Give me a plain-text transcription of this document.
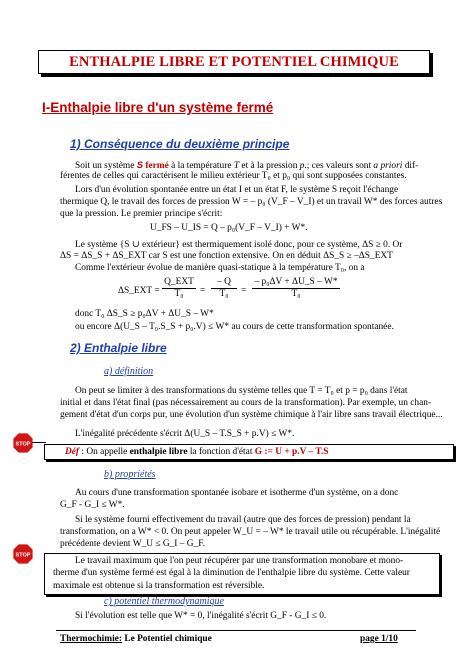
ENTHALPIE LIBRE ET POTENTIEL CHIMIQUE
I-Enthalpie libre d'un système fermé
1) Conséquence du deuxième principe
Soit un système S fermé à la température T et à la pression p.; ces valeurs sont a priori dif-
férentes de celles qui caractérisent le milieu extérieur T₀ et p₀ qui sont supposées constantes.
Lors d'un évolution spontanée entre un état I et un état F, le système S reçoit l'échange
thermique Q, le travail des forces de pression W = – p₀ (V_F – V_I) et un travail W* des forces autres
que la pression. Le premier principe s'écrit:
U_FS – U_IS = Q – p₀(V_F – V_I) + W*.
Le système {S ∪ extérieur} est thermiquement isolé donc, pour ce système, ΔS ≥ 0. Or
ΔS = ΔS_S + ΔS_EXT car S est une fonction extensive. On en déduit ΔS_S ≥ –ΔS_EXT
Comme l'extérieur évolue de manière quasi-statique à la température T₀, on a
ΔS_EXT =
Q_EXT
T₀	= $\frac{- Q}{\text{T₀}} = \frac{\text{– p₀ΔV + ΔU\_S – W*}}{\text{T₀}}$
donc T₀ ΔS_S ≥ p₀ΔV + ΔU_S – W*
ou encore Δ(U_S – T₀.S_S + p₀.V) ≤ W* au cours de cette transformation spontanée.
2) Enthalpie libre
a) définition
On peut se limiter à des transformations du système telles que T = T₀ et p = p₀ dans l'état
initial et dans l'état final (pas nécessairement au cours de la transformation). Par exemple, un chan-
gement d'état d'un corps pur, une évolution d'un système chimique à l'air libre sans travail électrique...
STOP
L'inégalité précédente s'écrit Δ(U_S – T.S_S + p.V) ≤ W*.
Déf : On appelle enthalpie libre la fonction d'état G := U + p.V – T.S
b) propriétés
Au cours d'une transformation spontanée isobare et isotherme d'un système, on a donc
G_F - G_I ≤ W*.
Si le système fourni effectivement du travail (autre que des forces de pression) pendant la
transformation, on a W* < 0. On peut appeler W_U = – W* le travail utile ou récupérable. L'inégalité
précédente devient W_U ≤ G_I – G_F.
STOP
Le travail maximum que l'on peut récupérer par une transformation monobare et mono-
therme d'un système fermé est égal à la diminution de l'enthalpie libre du système. Cette valeur
maximale est obtenue si la transformation est réversible.
c) potentiel thermodynamique
Si l'évolution est telle que W* = 0, l'inégalité s'écrit G_F - G_I ≤ 0.
Thermochimie: Le Potentiel chimique	page 1/10
